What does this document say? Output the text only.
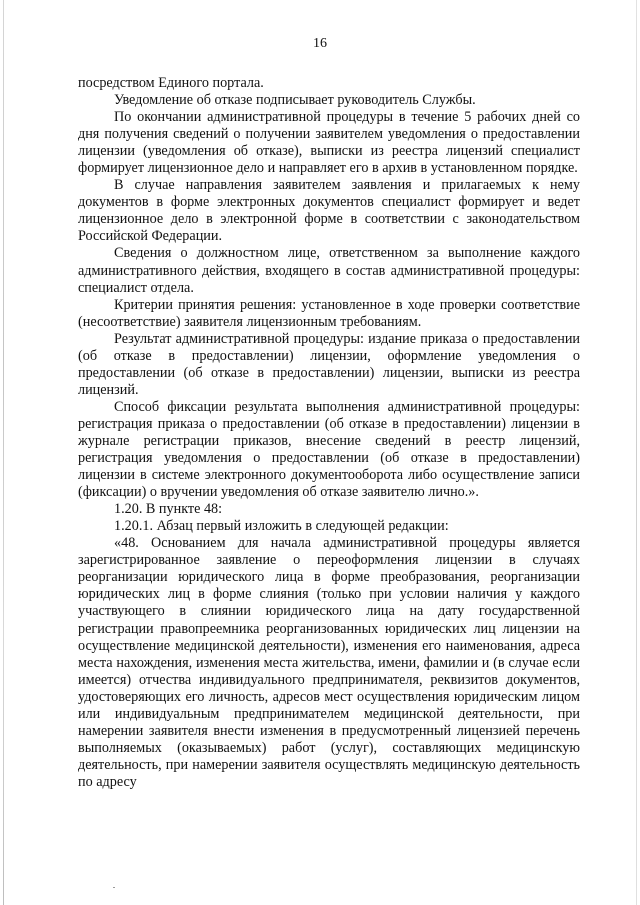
16

посредством Единого портала.

Уведомление об отказе подписывает руководитель Службы.

По окончании административной процедуры в течение 5 рабочих дней со дня получения сведений о получении заявителем уведомления о предоставлении лицензии (уведомления об отказе), выписки из реестра лицензий специалист формирует лицензионное дело и направляет его в архив в установленном порядке.

В случае направления заявителем заявления и прилагаемых к нему документов в форме электронных документов специалист формирует и ведет лицензионное дело в электронной форме в соответствии с законодательством Российской Федерации.

Сведения о должностном лице, ответственном за выполнение каждого административного действия, входящего в состав административной процедуры: специалист отдела.

Критерии принятия решения: установленное в ходе проверки соответствие (несоответствие) заявителя лицензионным требованиям.

Результат административной процедуры: издание приказа о предоставлении (об отказе в предоставлении) лицензии, оформление уведомления о предоставлении (об отказе в предоставлении) лицензии, выписки из реестра лицензий.

Способ фиксации результата выполнения административной процедуры: регистрация приказа о предоставлении (об отказе в предоставлении) лицензии в журнале регистрации приказов, внесение сведений в реестр лицензий, регистрация уведомления о предоставлении (об отказе в предоставлении) лицензии в системе электронного документооборота либо осуществление записи (фиксации) о вручении уведомления об отказе заявителю лично.».

1.20. В пункте 48:

1.20.1. Абзац первый изложить в следующей редакции:

«48. Основанием для начала административной процедуры является зарегистрированное заявление о переоформления лицензии в случаях реорганизации юридического лица в форме преобразования, реорганизации юридических лиц в форме слияния (только при условии наличия у каждого участвующего в слиянии юридического лица на дату государственной регистрации правопреемника реорганизованных юридических лиц лицензии на осуществление медицинской деятельности), изменения его наименования, адреса места нахождения, изменения места жительства, имени, фамилии и (в случае если имеется) отчества индивидуального предпринимателя, реквизитов документов, удостоверяющих его личность, адресов мест осуществления юридическим лицом или индивидуальным предпринимателем медицинской деятельности, при намерении заявителя внести изменения в предусмотренный лицензией перечень выполняемых (оказываемых) работ (услуг), составляющих медицинскую деятельность, при намерении заявителя осуществлять медицинскую деятельность по адресу
